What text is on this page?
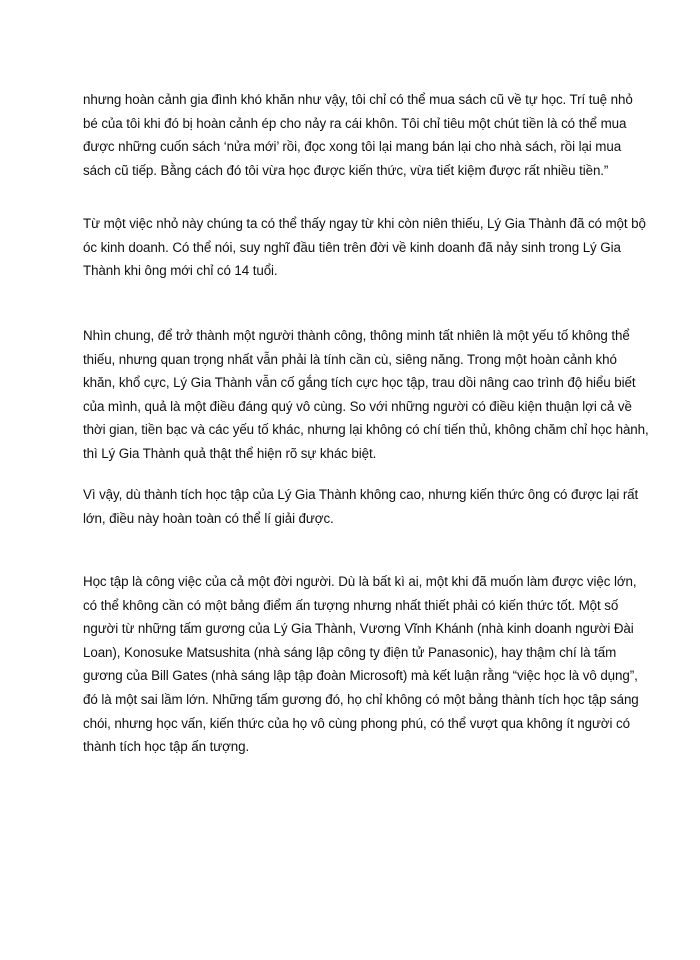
nhưng hoàn cảnh gia đình khó khăn như vậy, tôi chỉ có thể mua sách cũ về tự học. Trí tuệ nhỏ
bé của tôi khi đó bị hoàn cảnh ép cho nảy ra cái khôn. Tôi chỉ tiêu một chút tiền là có thể mua
được những cuốn sách ‘nửa mới’ rồi, đọc xong tôi lại mang bán lại cho nhà sách, rồi lại mua
sách cũ tiếp. Bằng cách đó tôi vừa học được kiến thức, vừa tiết kiệm được rất nhiều tiền.”

Từ một việc nhỏ này chúng ta có thể thấy ngay từ khi còn niên thiếu, Lý Gia Thành đã có một bộ
óc kinh doanh. Có thể nói, suy nghĩ đầu tiên trên đời về kinh doanh đã nảy sinh trong Lý Gia
Thành khi ông mới chỉ có 14 tuổi.

Nhìn chung, để trở thành một người thành công, thông minh tất nhiên là một yếu tố không thể
thiếu, nhưng quan trọng nhất vẫn phải là tính cần cù, siêng năng. Trong một hoàn cảnh khó
khăn, khổ cực, Lý Gia Thành vẫn cố gắng tích cực học tập, trau dồi nâng cao trình độ hiểu biết
của mình, quả là một điều đáng quý vô cùng. So với những người có điều kiện thuận lợi cả về
thời gian, tiền bạc và các yếu tố khác, nhưng lại không có chí tiến thủ, không chăm chỉ học hành,
thì Lý Gia Thành quả thật thể hiện rõ sự khác biệt.

Vì vậy, dù thành tích học tập của Lý Gia Thành không cao, nhưng kiến thức ông có được lại rất
lớn, điều này hoàn toàn có thể lí giải được.

Học tập là công việc của cả một đời người. Dù là bất kì ai, một khi đã muốn làm được việc lớn,
có thể không cần có một bảng điểm ấn tượng nhưng nhất thiết phải có kiến thức tốt. Một số
người từ những tấm gương của Lý Gia Thành, Vương Vĩnh Khánh (nhà kinh doanh người Đài
Loan), Konosuke Matsushita (nhà sáng lập công ty điện tử Panasonic), hay thậm chí là tấm
gương của Bill Gates (nhà sáng lập tập đoàn Microsoft) mà kết luận rằng “việc học là vô dụng”,
đó là một sai lầm lớn. Những tấm gương đó, họ chỉ không có một bảng thành tích học tập sáng
chói, nhưng học vấn, kiến thức của họ vô cùng phong phú, có thể vượt qua không ít người có
thành tích học tập ấn tượng.
